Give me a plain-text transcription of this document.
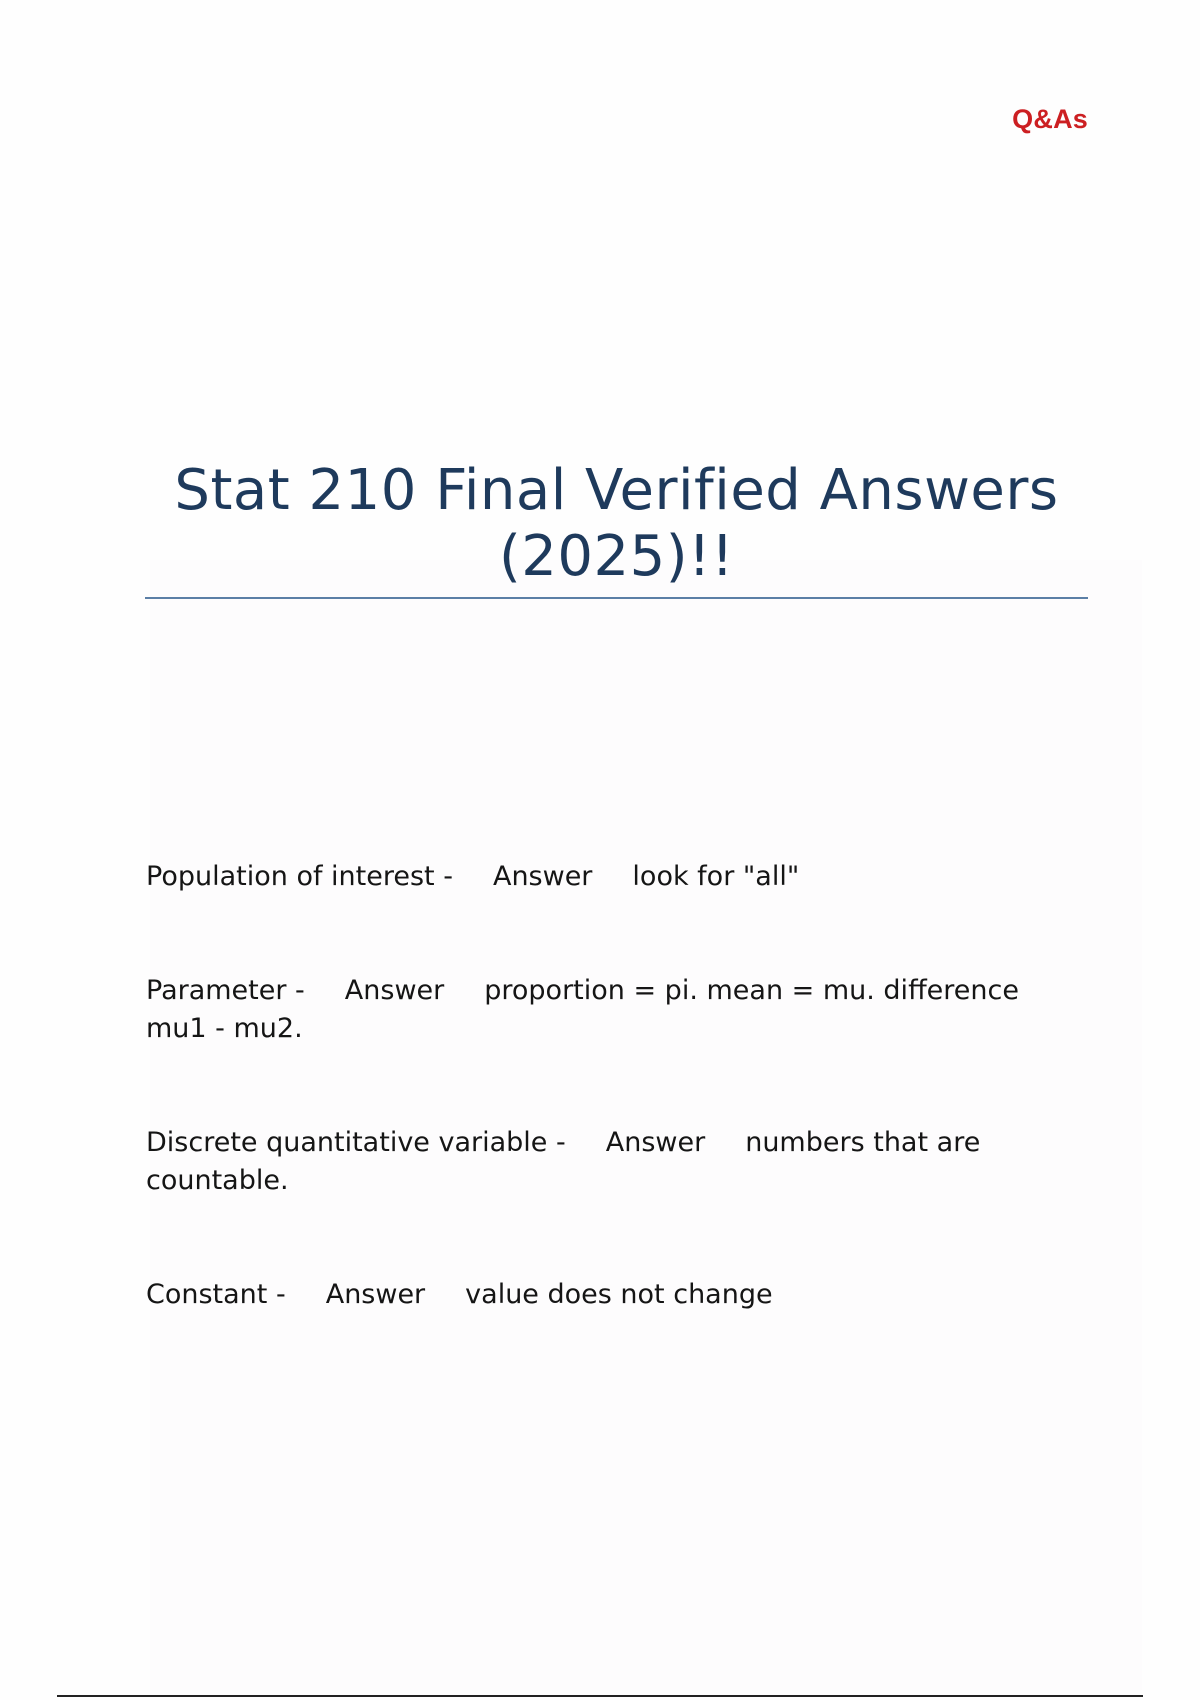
Q&As
Stat 210 Final Verified Answers
(2025)!!
Population of interest - Answer look for "all"
Parameter - Answer proportion = pi. mean = mu. difference mu1 - mu2.
Discrete quantitative variable - Answer numbers that are countable.
Constant - Answer value does not change
